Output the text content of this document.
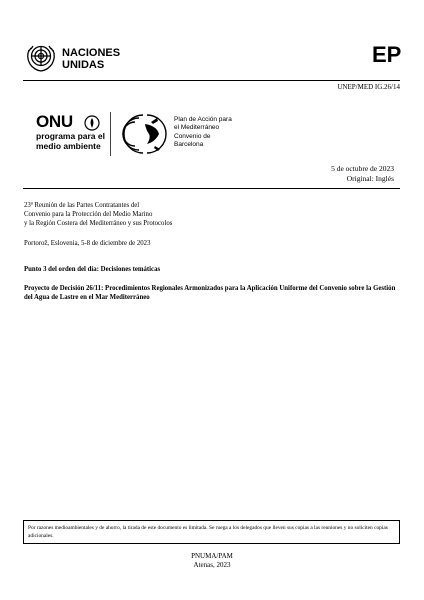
NACIONES
UNIDAS	EP
UNEP/MED IG.26/14
ONU
programa para el
medio ambiente
Plan de Acción para
el Mediterráneo
Convenio de
Barcelona
5 de octubre de 2023
Original: Inglés
23ª Reunión de las Partes Contratantes del
Convenio para la Protección del Medio Marino
y la Región Costera del Mediterráneo y sus Protocolos
Portorož, Eslovenia, 5-8 de diciembre de 2023
Punto 3 del orden del día: Decisiones temáticas
Proyecto de Decisión 26/11: Procedimientos Regionales Armonizados para la Aplicación Uniforme del Convenio sobre la Gestión del Agua de Lastre en el Mar Mediterráneo
Por razones medioambientales y de ahorro, la tirada de este documento es limitada. Se ruega a los delegados que lleven sus copias a las reuniones y no soliciten copias adicionales.
PNUMA/PAM
Atenas, 2023
